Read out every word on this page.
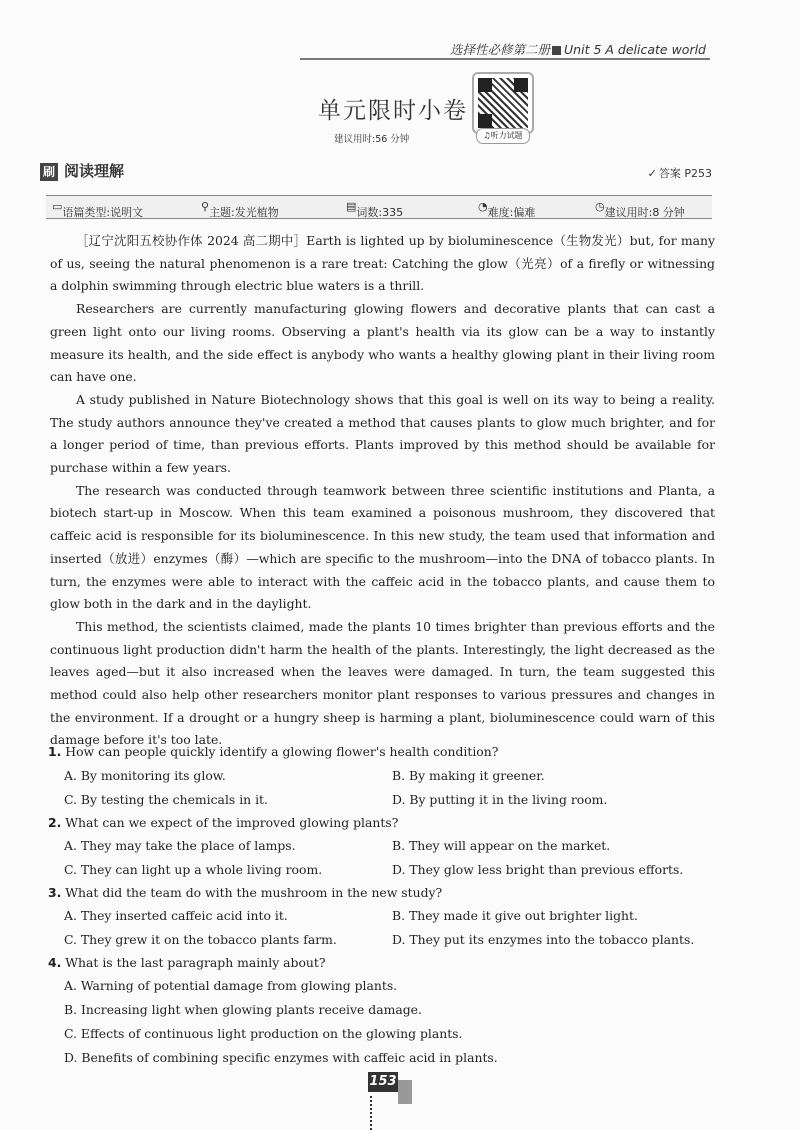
选择性必修第二册 Unit 5 A delicate world
单元限时小卷
建议用时:56 分钟	♫听力试题
刷 阅读理解	✓ 答案 P253
▭ 语篇类型:说明文	⚲ 主题:发光植物	▤ 词数:335	◔ 难度:偏难	◷ 建议用时:8 分钟

［辽宁沈阳五校协作体 2024 高二期中］Earth is lighted up by bioluminescence（生物发光）but, for many of us, seeing the natural phenomenon is a rare treat: Catching the glow（光亮）of a firefly or witnessing a dolphin swimming through electric blue waters is a thrill.

Researchers are currently manufacturing glowing flowers and decorative plants that can cast a green light onto our living rooms. Observing a plant's health via its glow can be a way to instantly measure its health, and the side effect is anybody who wants a healthy glowing plant in their living room can have one.

A study published in Nature Biotechnology shows that this goal is well on its way to being a reality. The study authors announce they've created a method that causes plants to glow much brighter, and for a longer period of time, than previous efforts. Plants improved by this method should be available for purchase within a few years.

The research was conducted through teamwork between three scientific institutions and Planta, a biotech start-up in Moscow. When this team examined a poisonous mushroom, they discovered that caffeic acid is responsible for its bioluminescence. In this new study, the team used that information and inserted（放进）enzymes（酶）—which are specific to the mushroom—into the DNA of tobacco plants. In turn, the enzymes were able to interact with the caffeic acid in the tobacco plants, and cause them to glow both in the dark and in the daylight.

This method, the scientists claimed, made the plants 10 times brighter than previous efforts and the continuous light production didn't harm the health of the plants. Interestingly, the light decreased as the leaves aged—but it also increased when the leaves were damaged. In turn, the team suggested this method could also help other researchers monitor plant responses to various pressures and changes in the environment. If a drought or a hungry sheep is harming a plant, bioluminescence could warn of this damage before it's too late.

1. How can people quickly identify a glowing flower's health condition?
A. By monitoring its glow.	B. By making it greener.
C. By testing the chemicals in it.	D. By putting it in the living room.
2. What can we expect of the improved glowing plants?
A. They may take the place of lamps.	B. They will appear on the market.
C. They can light up a whole living room.	D. They glow less bright than previous efforts.
3. What did the team do with the mushroom in the new study?
A. They inserted caffeic acid into it.	B. They made it give out brighter light.
C. They grew it on the tobacco plants farm.	D. They put its enzymes into the tobacco plants.
4. What is the last paragraph mainly about?
A. Warning of potential damage from glowing plants.
B. Increasing light when glowing plants receive damage.
C. Effects of continuous light production on the glowing plants.
D. Benefits of combining specific enzymes with caffeic acid in plants.
153
